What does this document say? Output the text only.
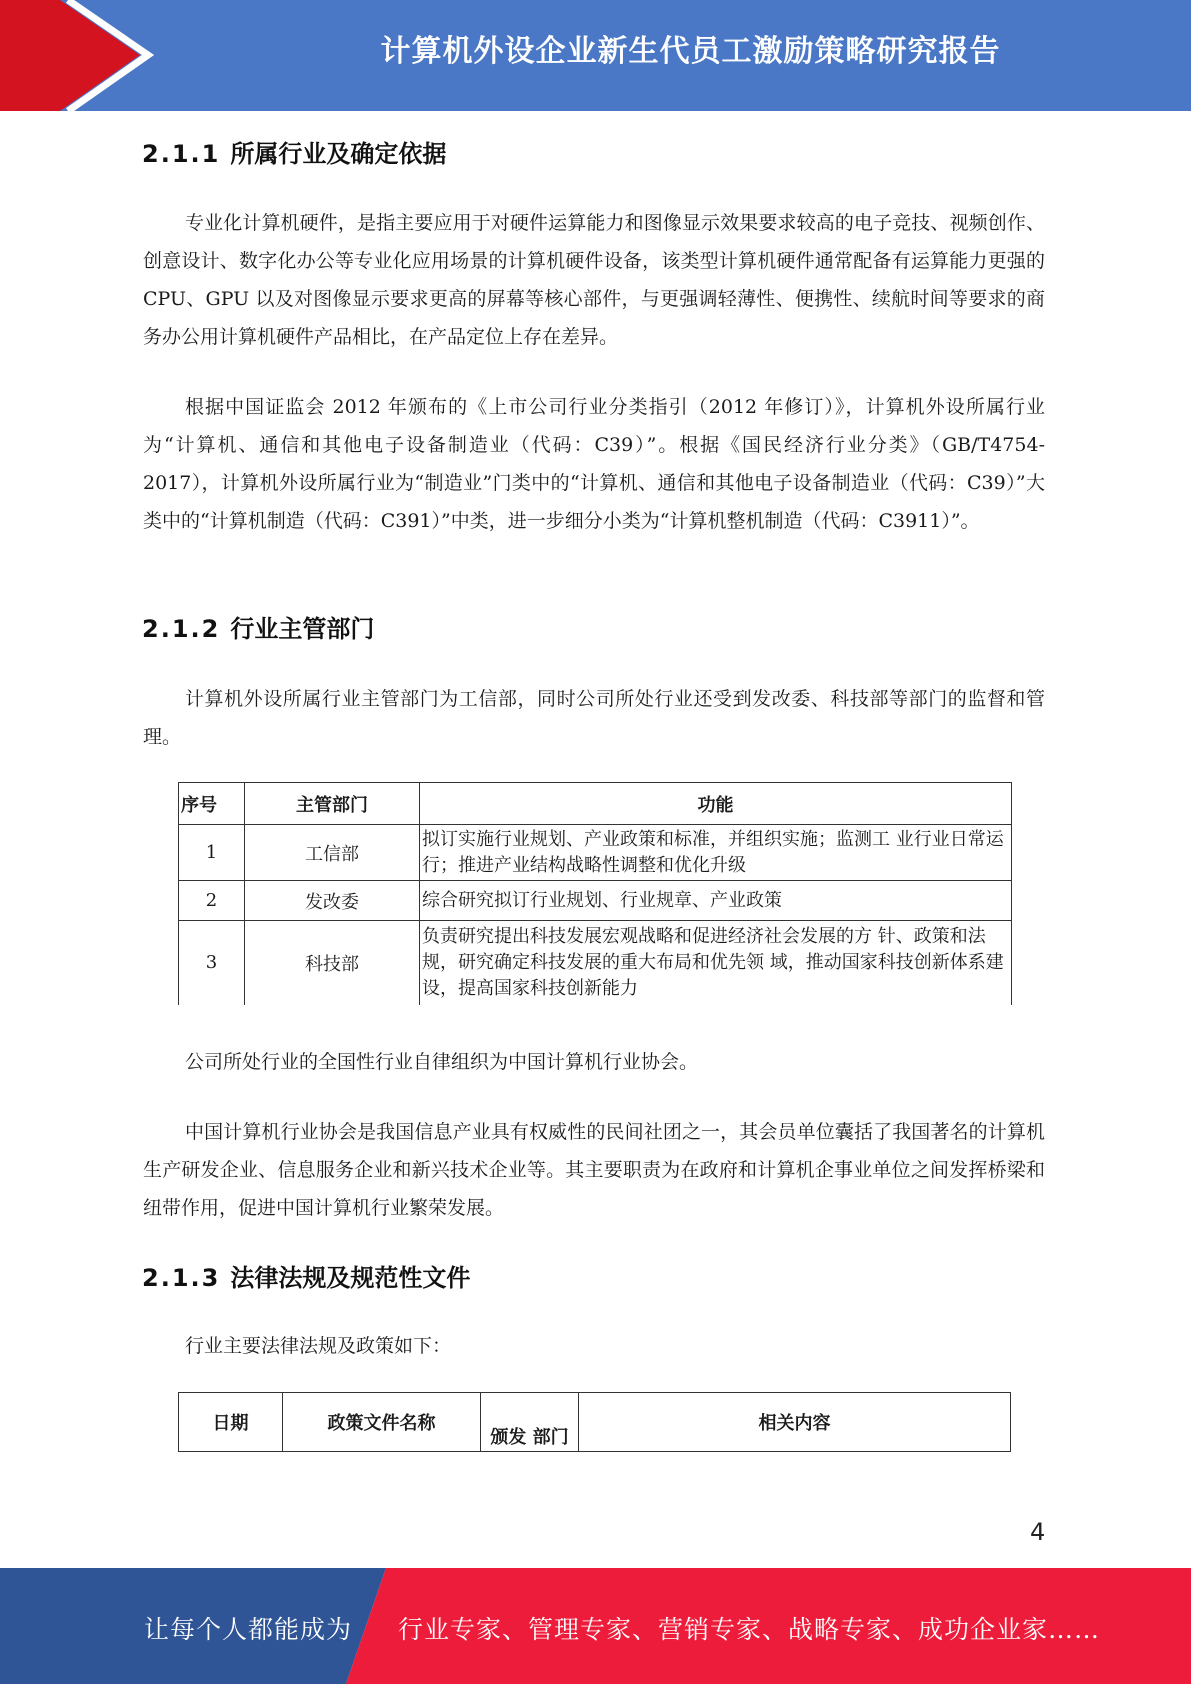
计算机外设企业新生代员工激励策略研究报告
2.1.1 所属行业及确定依据

专业化计算机硬件，是指主要应用于对硬件运算能力和图像显示效果要求较高的电子竞技、视频创作、创意设计、数字化办公等专业化应用场景的计算机硬件设备，该类型计算机硬件通常配备有运算能力更强的 CPU、GPU 以及对图像显示要求更高的屏幕等核心部件，与更强调轻薄性、便携性、续航时间等要求的商务办公用计算机硬件产品相比，在产品定位上存在差异。

根据中国证监会 2012 年颁布的《上市公司行业分类指引（2012 年修订）》，计算机外设所属行业为“计算机、通信和其他电子设备制造业（代码：C39）”。根据《国民经济行业分类》（GB/T4754-2017），计算机外设所属行业为“制造业”门类中的“计算机、通信和其他电子设备制造业（代码：C39）”大类中的“计算机制造（代码：C391）”中类，进一步细分小类为“计算机整机制造（代码：C3911）”。

2.1.2 行业主管部门

计算机外设所属行业主管部门为工信部，同时公司所处行业还受到发改委、科技部等部门的监督和管理。

序号	主管部门	功能
1	工信部	拟订实施行业规划、产业政策和标准，并组织实施；监测工 业行业日常运行；推进产业结构战略性调整和优化升级
2	发改委	综合研究拟订行业规划、行业规章、产业政策
3	科技部	负责研究提出科技发展宏观战略和促进经济社会发展的方 针、政策和法规，研究确定科技发展的重大布局和优先领 域，推动国家科技创新体系建设，提高国家科技创新能力

公司所处行业的全国性行业自律组织为中国计算机行业协会。

中国计算机行业协会是我国信息产业具有权威性的民间社团之一，其会员单位囊括了我国著名的计算机生产研发企业、信息服务企业和新兴技术企业等。其主要职责为在政府和计算机企事业单位之间发挥桥梁和纽带作用，促进中国计算机行业繁荣发展。

2.1.3 法律法规及规范性文件

行业主要法律法规及政策如下：

日期	政策文件名称	颁发 部门	相关内容
4
让每个人都能成为 行业专家、管理专家、营销专家、战略专家、成功企业家……
